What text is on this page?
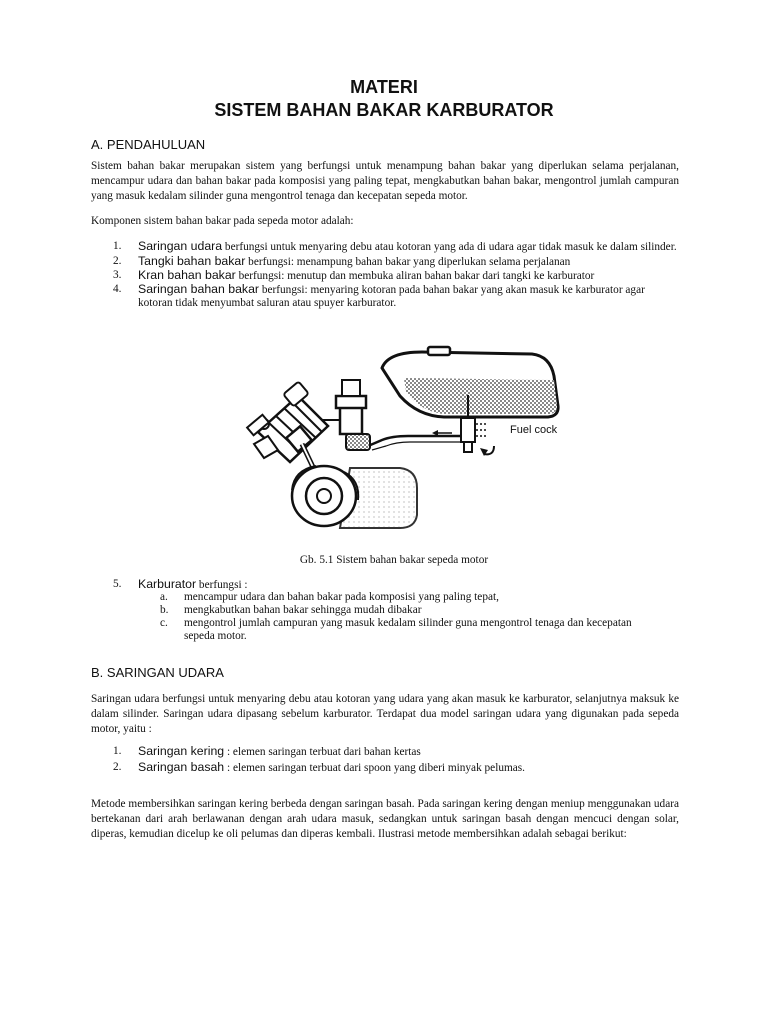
MATERI
SISTEM BAHAN BAKAR KARBURATOR
A. PENDAHULUAN
Sistem bahan bakar merupakan sistem yang berfungsi untuk menampung bahan bakar yang diperlukan selama perjalanan, mencampur udara dan bahan bakar pada komposisi yang paling tepat, mengkabutkan bahan bakar, mengontrol jumlah campuran yang masuk kedalam silinder guna mengontrol tenaga dan kecepatan sepeda motor.
Komponen sistem bahan bakar pada sepeda motor adalah:
1. Saringan udara berfungsi untuk menyaring debu atau kotoran yang ada di udara agar tidak masuk ke dalam silinder.
2. Tangki bahan bakar berfungsi: menampung bahan bakar yang diperlukan selama perjalanan
3. Kran bahan bakar berfungsi: menutup dan membuka aliran bahan bakar dari tangki ke karburator
4. Saringan bahan bakar berfungsi: menyaring kotoran pada bahan bakar yang akan masuk ke karburator agar kotoran tidak menyumbat saluran atau spuyer karburator.
Fuel cock
Gb. 5.1 Sistem bahan bakar sepeda motor
5. Karburator berfungsi :
a. mencampur udara dan bahan bakar pada komposisi yang paling tepat,
b. mengkabutkan bahan bakar sehingga mudah dibakar
c. mengontrol jumlah campuran yang masuk kedalam silinder guna mengontrol tenaga dan kecepatan sepeda motor.
B. SARINGAN UDARA
Saringan udara berfungsi untuk menyaring debu atau kotoran yang udara yang akan masuk ke karburator, selanjutnya maksuk ke dalam silinder. Saringan udara dipasang sebelum karburator. Terdapat dua model saringan udara yang digunakan pada sepeda motor, yaitu :
1. Saringan kering : elemen saringan terbuat dari bahan kertas
2. Saringan basah : elemen saringan terbuat dari spoon yang diberi minyak pelumas.
Metode membersihkan saringan kering berbeda dengan saringan basah. Pada saringan kering dengan meniup menggunakan udara bertekanan dari arah berlawanan dengan arah udara masuk, sedangkan untuk saringan basah dengan mencuci dengan solar, diperas, kemudian dicelup ke oli pelumas dan diperas kembali. Ilustrasi metode membersihkan adalah sebagai berikut:
